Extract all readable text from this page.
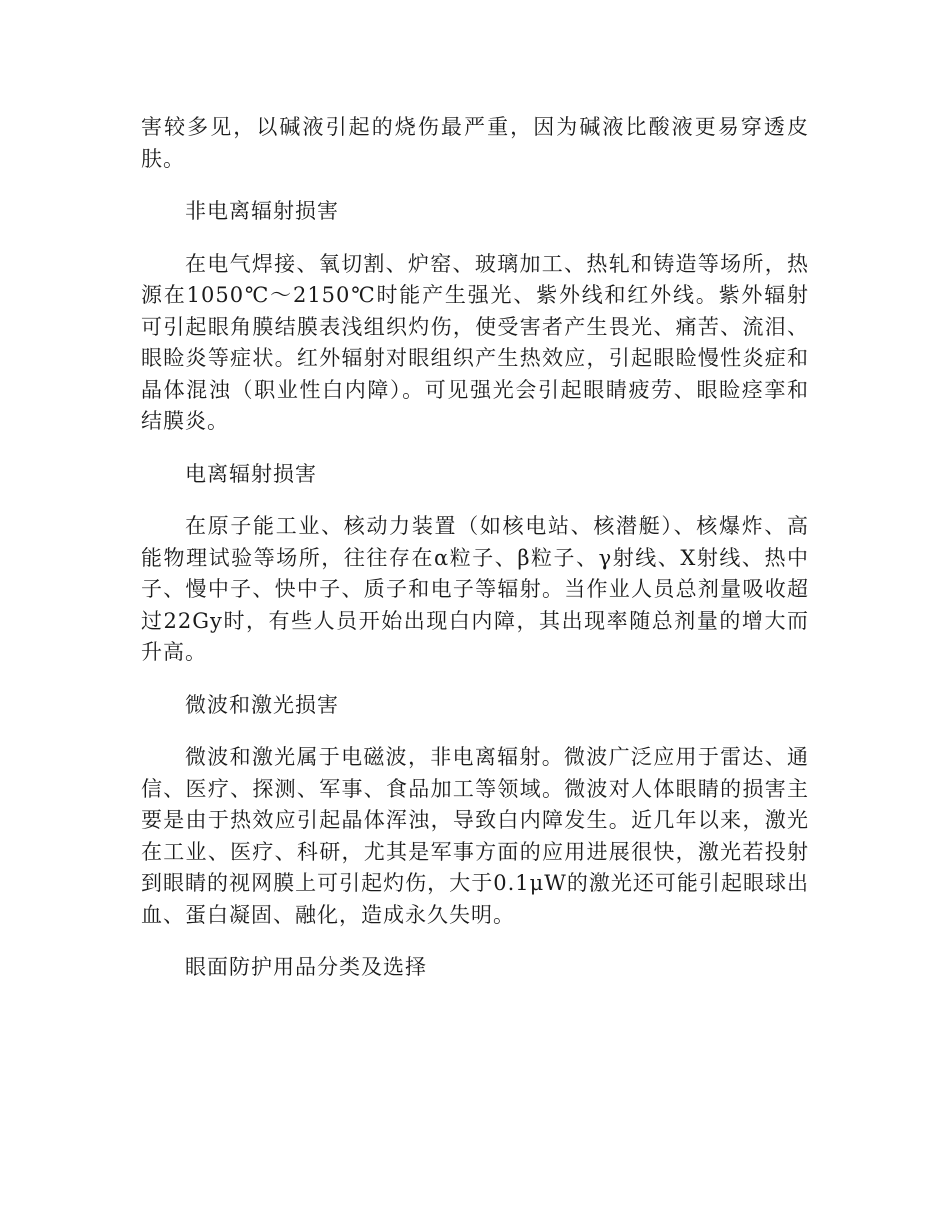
害较多见，以碱液引起的烧伤最严重，因为碱液比酸液更易穿透皮肤。

非电离辐射损害

在电气焊接、氧切割、炉窑、玻璃加工、热轧和铸造等场所，热源在1050℃～2150℃时能产生强光、紫外线和红外线。紫外辐射可引起眼角膜结膜表浅组织灼伤，使受害者产生畏光、痛苦、流泪、眼睑炎等症状。红外辐射对眼组织产生热效应，引起眼睑慢性炎症和晶体混浊（职业性白内障）。可见强光会引起眼睛疲劳、眼睑痉挛和结膜炎。

电离辐射损害

在原子能工业、核动力装置（如核电站、核潜艇）、核爆炸、高能物理试验等场所，往往存在α粒子、β粒子、γ射线、X射线、热中子、慢中子、快中子、质子和电子等辐射。当作业人员总剂量吸收超过22Gy时，有些人员开始出现白内障，其出现率随总剂量的增大而升高。

微波和激光损害

微波和激光属于电磁波，非电离辐射。微波广泛应用于雷达、通信、医疗、探测、军事、食品加工等领域。微波对人体眼睛的损害主要是由于热效应引起晶体浑浊，导致白内障发生。近几年以来，激光在工业、医疗、科研，尤其是军事方面的应用进展很快，激光若投射到眼睛的视网膜上可引起灼伤，大于0.1μW的激光还可能引起眼球出血、蛋白凝固、融化，造成永久失明。

眼面防护用品分类及选择
